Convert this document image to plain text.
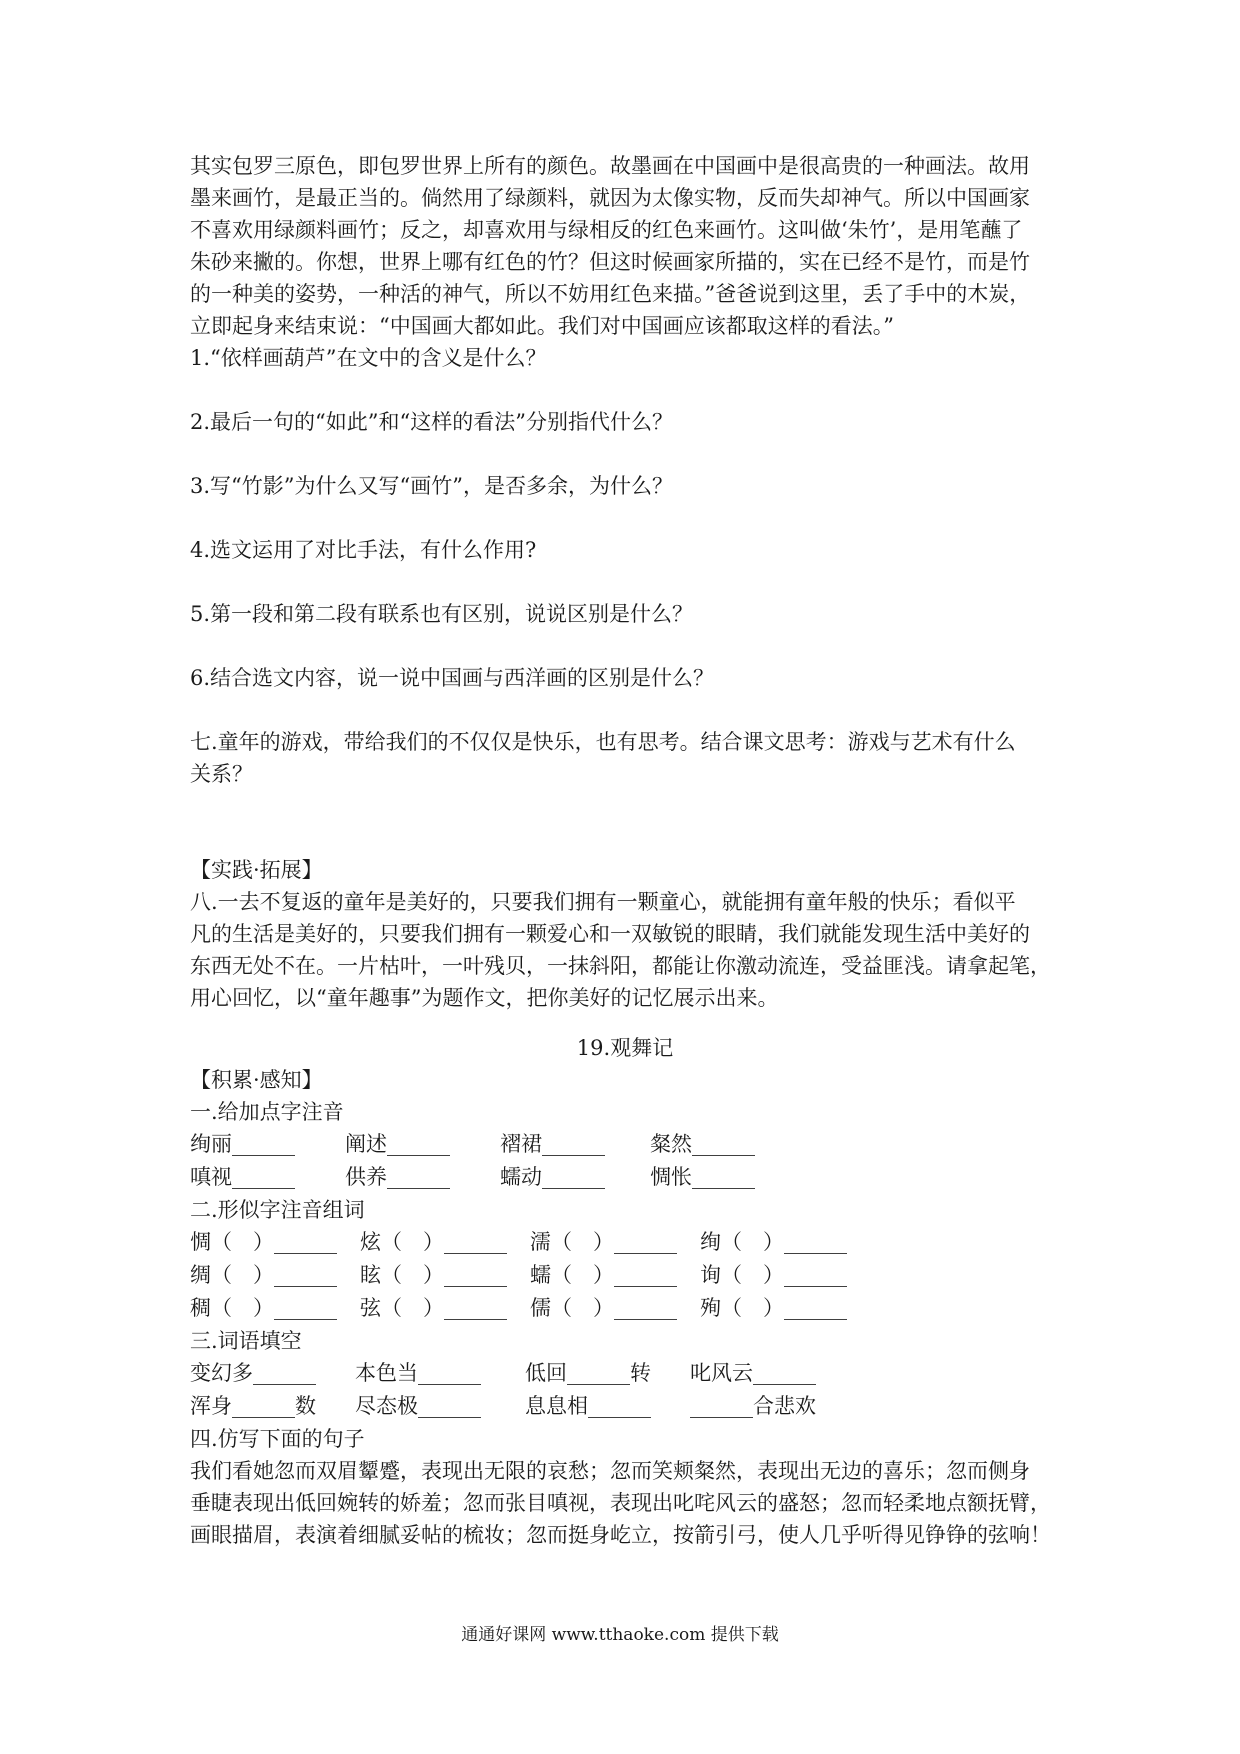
其实包罗三原色，即包罗世界上所有的颜色。故墨画在中国画中是很高贵的一种画法。故用
墨来画竹，是最正当的。倘然用了绿颜料，就因为太像实物，反而失却神气。所以中国画家
不喜欢用绿颜料画竹；反之，却喜欢用与绿相反的红色来画竹。这叫做‘朱竹’，是用笔蘸了
朱砂来撇的。你想，世界上哪有红色的竹？但这时候画家所描的，实在已经不是竹，而是竹
的一种美的姿势，一种活的神气，所以不妨用红色来描。”爸爸说到这里，丢了手中的木炭，
立即起身来结束说：“中国画大都如此。我们对中国画应该都取这样的看法。”
1.“依样画葫芦”在文中的含义是什么？
2.最后一句的“如此”和“这样的看法”分别指代什么？
3.写“竹影”为什么又写“画竹”，是否多余，为什么？
4.选文运用了对比手法，有什么作用?
5.第一段和第二段有联系也有区别，说说区别是什么？
6.结合选文内容，说一说中国画与西洋画的区别是什么？
七.童年的游戏，带给我们的不仅仅是快乐，也有思考。结合课文思考：游戏与艺术有什么
关系？
【实践·拓展】
八.一去不复返的童年是美好的，只要我们拥有一颗童心，就能拥有童年般的快乐；看似平
凡的生活是美好的，只要我们拥有一颗爱心和一双敏锐的眼睛，我们就能发现生活中美好的
东西无处不在。一片枯叶，一叶残贝，一抹斜阳，都能让你激动流连，受益匪浅。请拿起笔，
用心回忆，以“童年趣事”为题作文，把你美好的记忆展示出来。
19.观舞记
【积累·感知】
一.给加点字注音
绚丽______	阐述______	褶裙______	粲然______
嗔视______	供养______	蠕动______	惆怅______
二.形似字注音组词
惆（　）______	炫（　）______	濡（　）______	绚（　）______
绸（　）______	眩（　）______	蠕（　）______	询（　）______
稠（　）______	弦（　）______	儒（　）______	殉（　）______
三.词语填空
变幻多______	本色当______	低回______转	叱风云______
浑身______数	尽态极______	息息相______	______合悲欢
四.仿写下面的句子
我们看她忽而双眉颦蹙，表现出无限的哀愁；忽而笑颊粲然，表现出无边的喜乐；忽而侧身
垂睫表现出低回婉转的娇羞；忽而张目嗔视，表现出叱咤风云的盛怒；忽而轻柔地点额抚臂，
画眼描眉，表演着细腻妥帖的梳妆；忽而挺身屹立，按箭引弓，使人几乎听得见铮铮的弦响！
通通好课网 www.tthaoke.com 提供下载
